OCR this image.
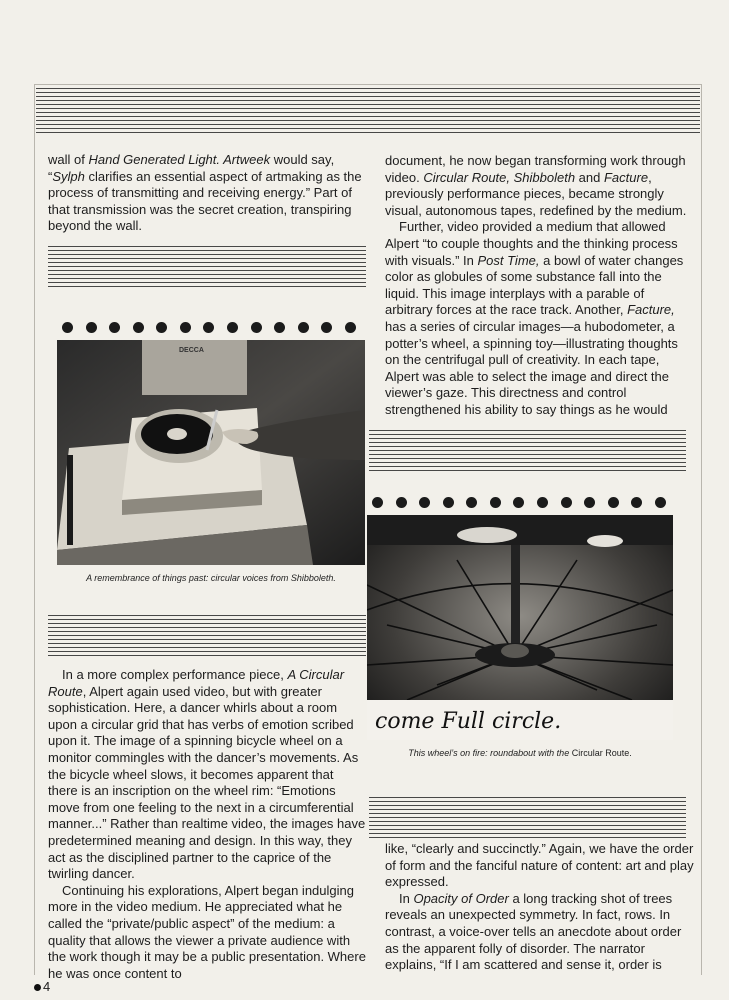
wall of Hand Generated Light. Artweek would say, “Sylph clarifies an essential aspect of artmaking as the process of transmitting and receiving energy.” Part of that transmission was the secret creation, transpiring beyond the wall.

document, he now began transforming work through video. Circular Route, Shibboleth and Facture, previously performance pieces, became strongly visual, autonomous tapes, redefined by the medium.

Further, video provided a medium that allowed Alpert “to couple thoughts and the thinking process with visuals.” In Post Time, a bowl of water changes color as globules of some substance fall into the liquid. This image interplays with a parable of arbitrary forces at the race track. Another, Facture, has a series of circular images—a hubodometer, a potter’s wheel, a spinning toy—illustrating thoughts on the centrifugal pull of creativity. In each tape, Alpert was able to select the image and direct the viewer’s gaze. This directness and control strengthened his ability to say things as he would

DECCA
A remembrance of things past: circular voices from Shibboleth.
come Full circle.
This wheel’s on fire: roundabout with the Circular Route.

In a more complex performance piece, A Circular Route, Alpert again used video, but with greater sophistication. Here, a dancer whirls about a room upon a circular grid that has verbs of emotion scribed upon it. The image of a spinning bicycle wheel on a monitor commingles with the dancer’s movements. As the bicycle wheel slows, it becomes apparent that there is an inscription on the wheel rim: “Emotions move from one feeling to the next in a circumferential manner...” Rather than realtime video, the images have predetermined meaning and design. In this way, they act as the disciplined partner to the caprice of the twirling dancer.

Continuing his explorations, Alpert began indulging more in the video medium. He appreciated what he called the “private/public aspect” of the medium: a quality that allows the viewer a private audience with the work though it may be a public presentation. Where he was once content to

like, “clearly and succinctly.” Again, we have the order of form and the fanciful nature of content: art and play expressed.

In Opacity of Order a long tracking shot of trees reveals an unexpected symmetry. In fact, rows. In contrast, a voice-over tells an anecdote about order as the apparent folly of disorder. The narrator explains, “If I am scattered and sense it, order is

4
